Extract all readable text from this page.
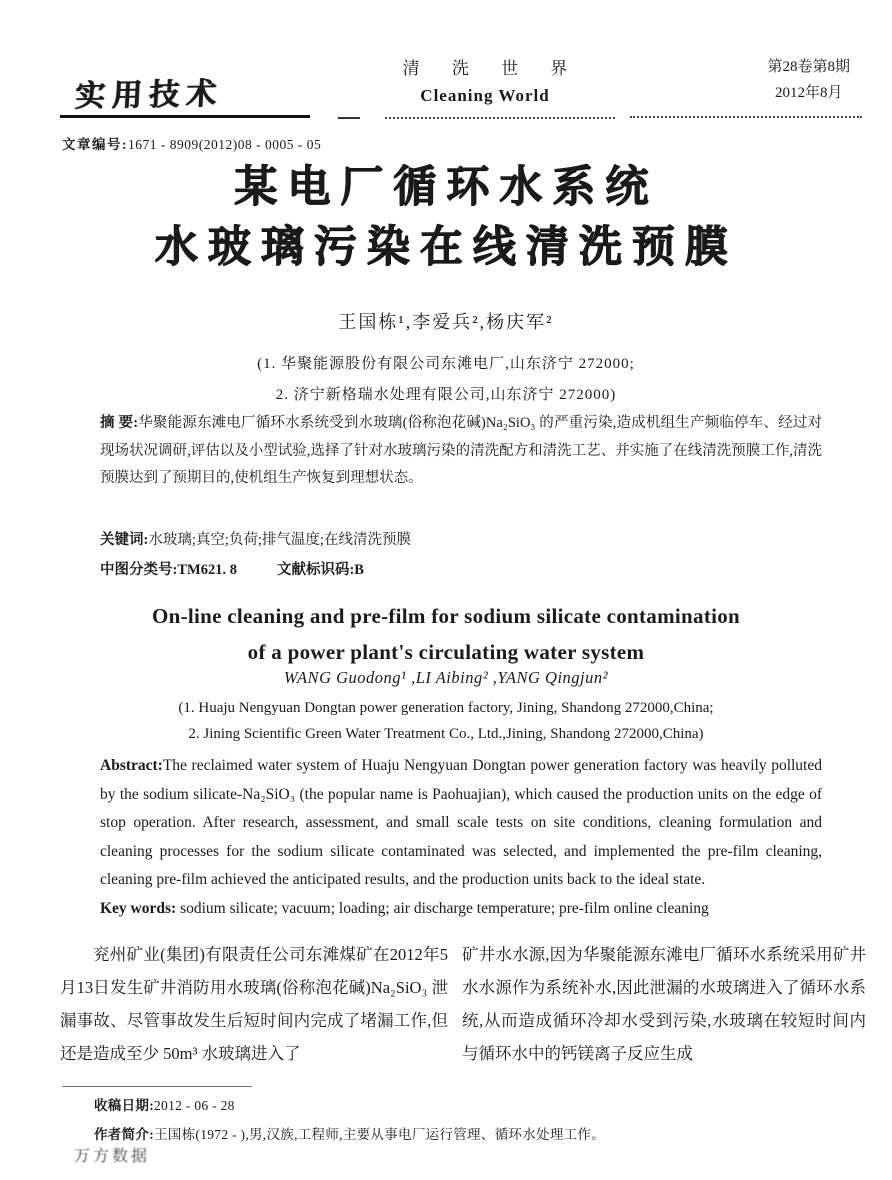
实用技术
清 洗 世 界
Cleaning World
第28卷第8期
2012年8月
文章编号:1671 - 8909(2012)08 - 0005 - 05
某电厂循环水系统
水玻璃污染在线清洗预膜
王国栋¹,李爱兵²,杨庆军²
(1. 华聚能源股份有限公司东滩电厂,山东济宁 272000;
2. 济宁新格瑞水处理有限公司,山东济宁 272000)
摘 要:华聚能源东滩电厂循环水系统受到水玻璃(俗称泡花碱)Na₂SiO₃ 的严重污染,造成机组生产频临停车、经过对现场状况调研,评估以及小型试验,选择了针对水玻璃污染的清洗配方和清洗工艺、并实施了在线清洗预膜工作,清洗预膜达到了预期目的,使机组生产恢复到理想状态。
关键词:水玻璃;真空;负荷;排气温度;在线清洗预膜
中图分类号:TM621. 8	文献标识码:B
On-line cleaning and pre-film for sodium silicate contamination
of a power plant's circulating water system
WANG Guodong¹ ,LI Aibing² ,YANG Qingjun²
(1. Huaju Nengyuan Dongtan power generation factory, Jining, Shandong 272000,China;
2. Jining Scientific Green Water Treatment Co., Ltd.,Jining, Shandong 272000,China)
Abstract:The reclaimed water system of Huaju Nengyuan Dongtan power generation factory was heavily polluted by the sodium silicate-Na₂SiO₃ (the popular name is Paohuajian), which caused the production units on the edge of stop operation. After research, assessment, and small scale tests on site conditions, cleaning formulation and cleaning processes for the sodium silicate contaminated was selected, and implemented the pre-film cleaning, cleaning pre-film achieved the anticipated results, and the production units back to the ideal state.
Key words: sodium silicate; vacuum; loading; air discharge temperature; pre-film online cleaning
兖州矿业(集团)有限责任公司东滩煤矿在2012年5月13日发生矿井消防用水玻璃(俗称泡花碱)Na₂SiO₃ 泄漏事故、尽管事故发生后短时间内完成了堵漏工作,但还是造成至少 50m³ 水玻璃进入了
矿井水水源,因为华聚能源东滩电厂循环水系统采用矿井水水源作为系统补水,因此泄漏的水玻璃进入了循环水系统,从而造成循环冷却水受到污染,水玻璃在较短时间内与循环水中的钙镁离子反应生成
收稿日期:2012 - 06 - 28
作者简介:王国栋(1972 - ),男,汉族,工程师,主要从事电厂运行管理、循环水处理工作。
万方数据
